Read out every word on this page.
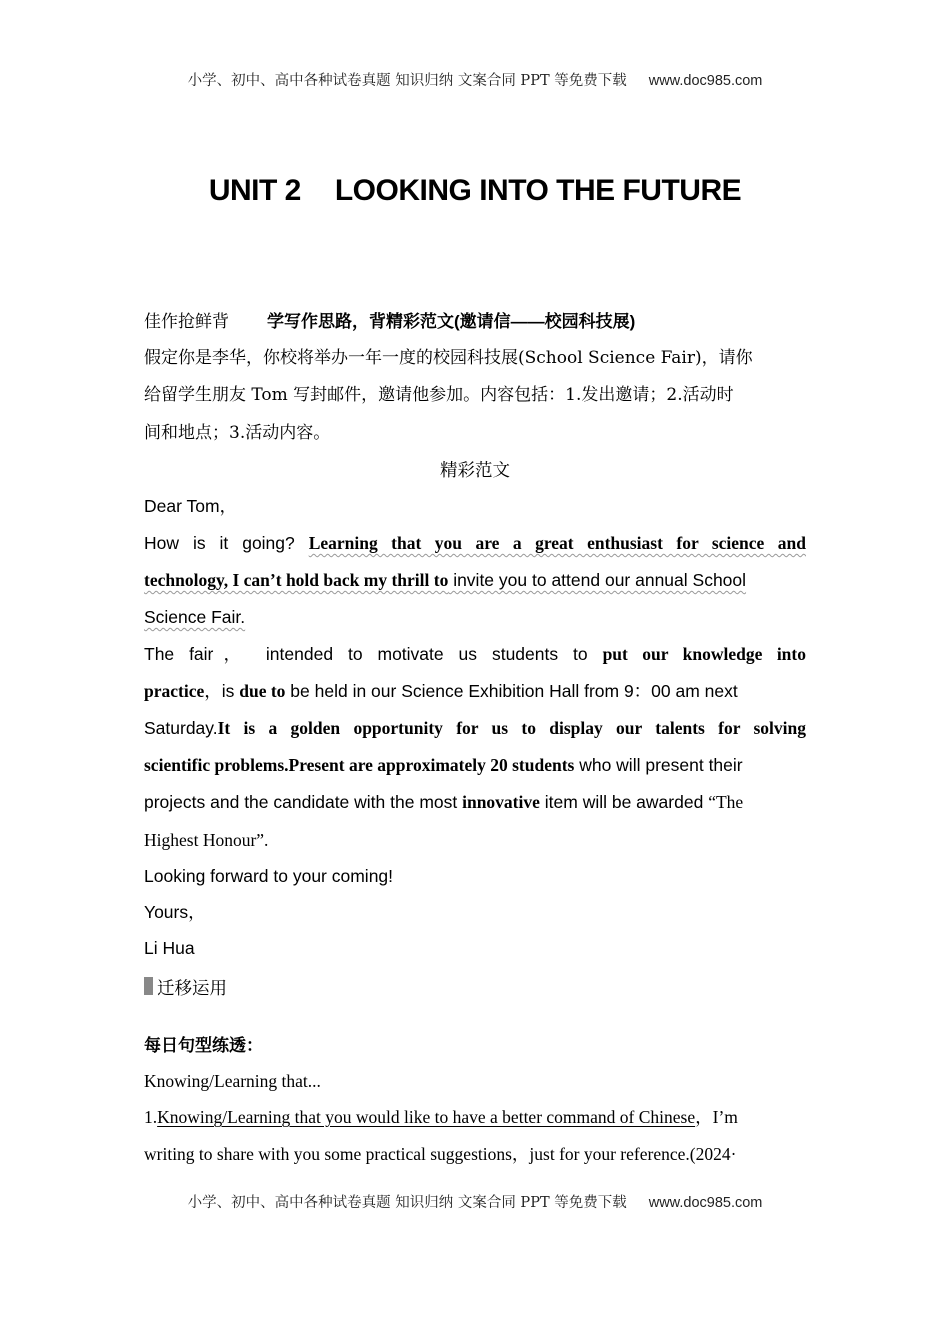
小学、初中、高中各种试卷真题 知识归纳 文案合同 PPT 等免费下载 www.doc985.com
UNIT 2 LOOKING INTO THE FUTURE
佳作抢鲜背 学写作思路，背精彩范文(邀请信——校园科技展)
假定你是李华，你校将举办一年一度的校园科技展(School Science Fair)，请你
给留学生朋友 Tom 写封邮件，邀请他参加。内容包括：1.发出邀请；2.活动时
间和地点；3.活动内容。
精彩范文
Dear Tom，
How is it going? Learning that you are a great enthusiast for science and
technology, I can’t hold back my thrill to invite you to attend our annual School
Science Fair.
The fair， intended to motivate us students to put our knowledge into
practice，is due to be held in our Science Exhibition Hall from 9：00 am next
Saturday.It is a golden opportunity for us to display our talents for solving
scientific problems.Present are approximately 20 students who will present their
projects and the candidate with the most innovative item will be awarded “The
Highest Honour”.
Looking forward to your coming!
Yours，
Li Hua
迁移运用
每日句型练透：
Knowing/Learning that...
1.Knowing/Learning that you would like to have a better command of Chinese，I’m
writing to share with you some practical suggestions，just for your reference.(2024·
小学、初中、高中各种试卷真题 知识归纳 文案合同 PPT 等免费下载 www.doc985.com
